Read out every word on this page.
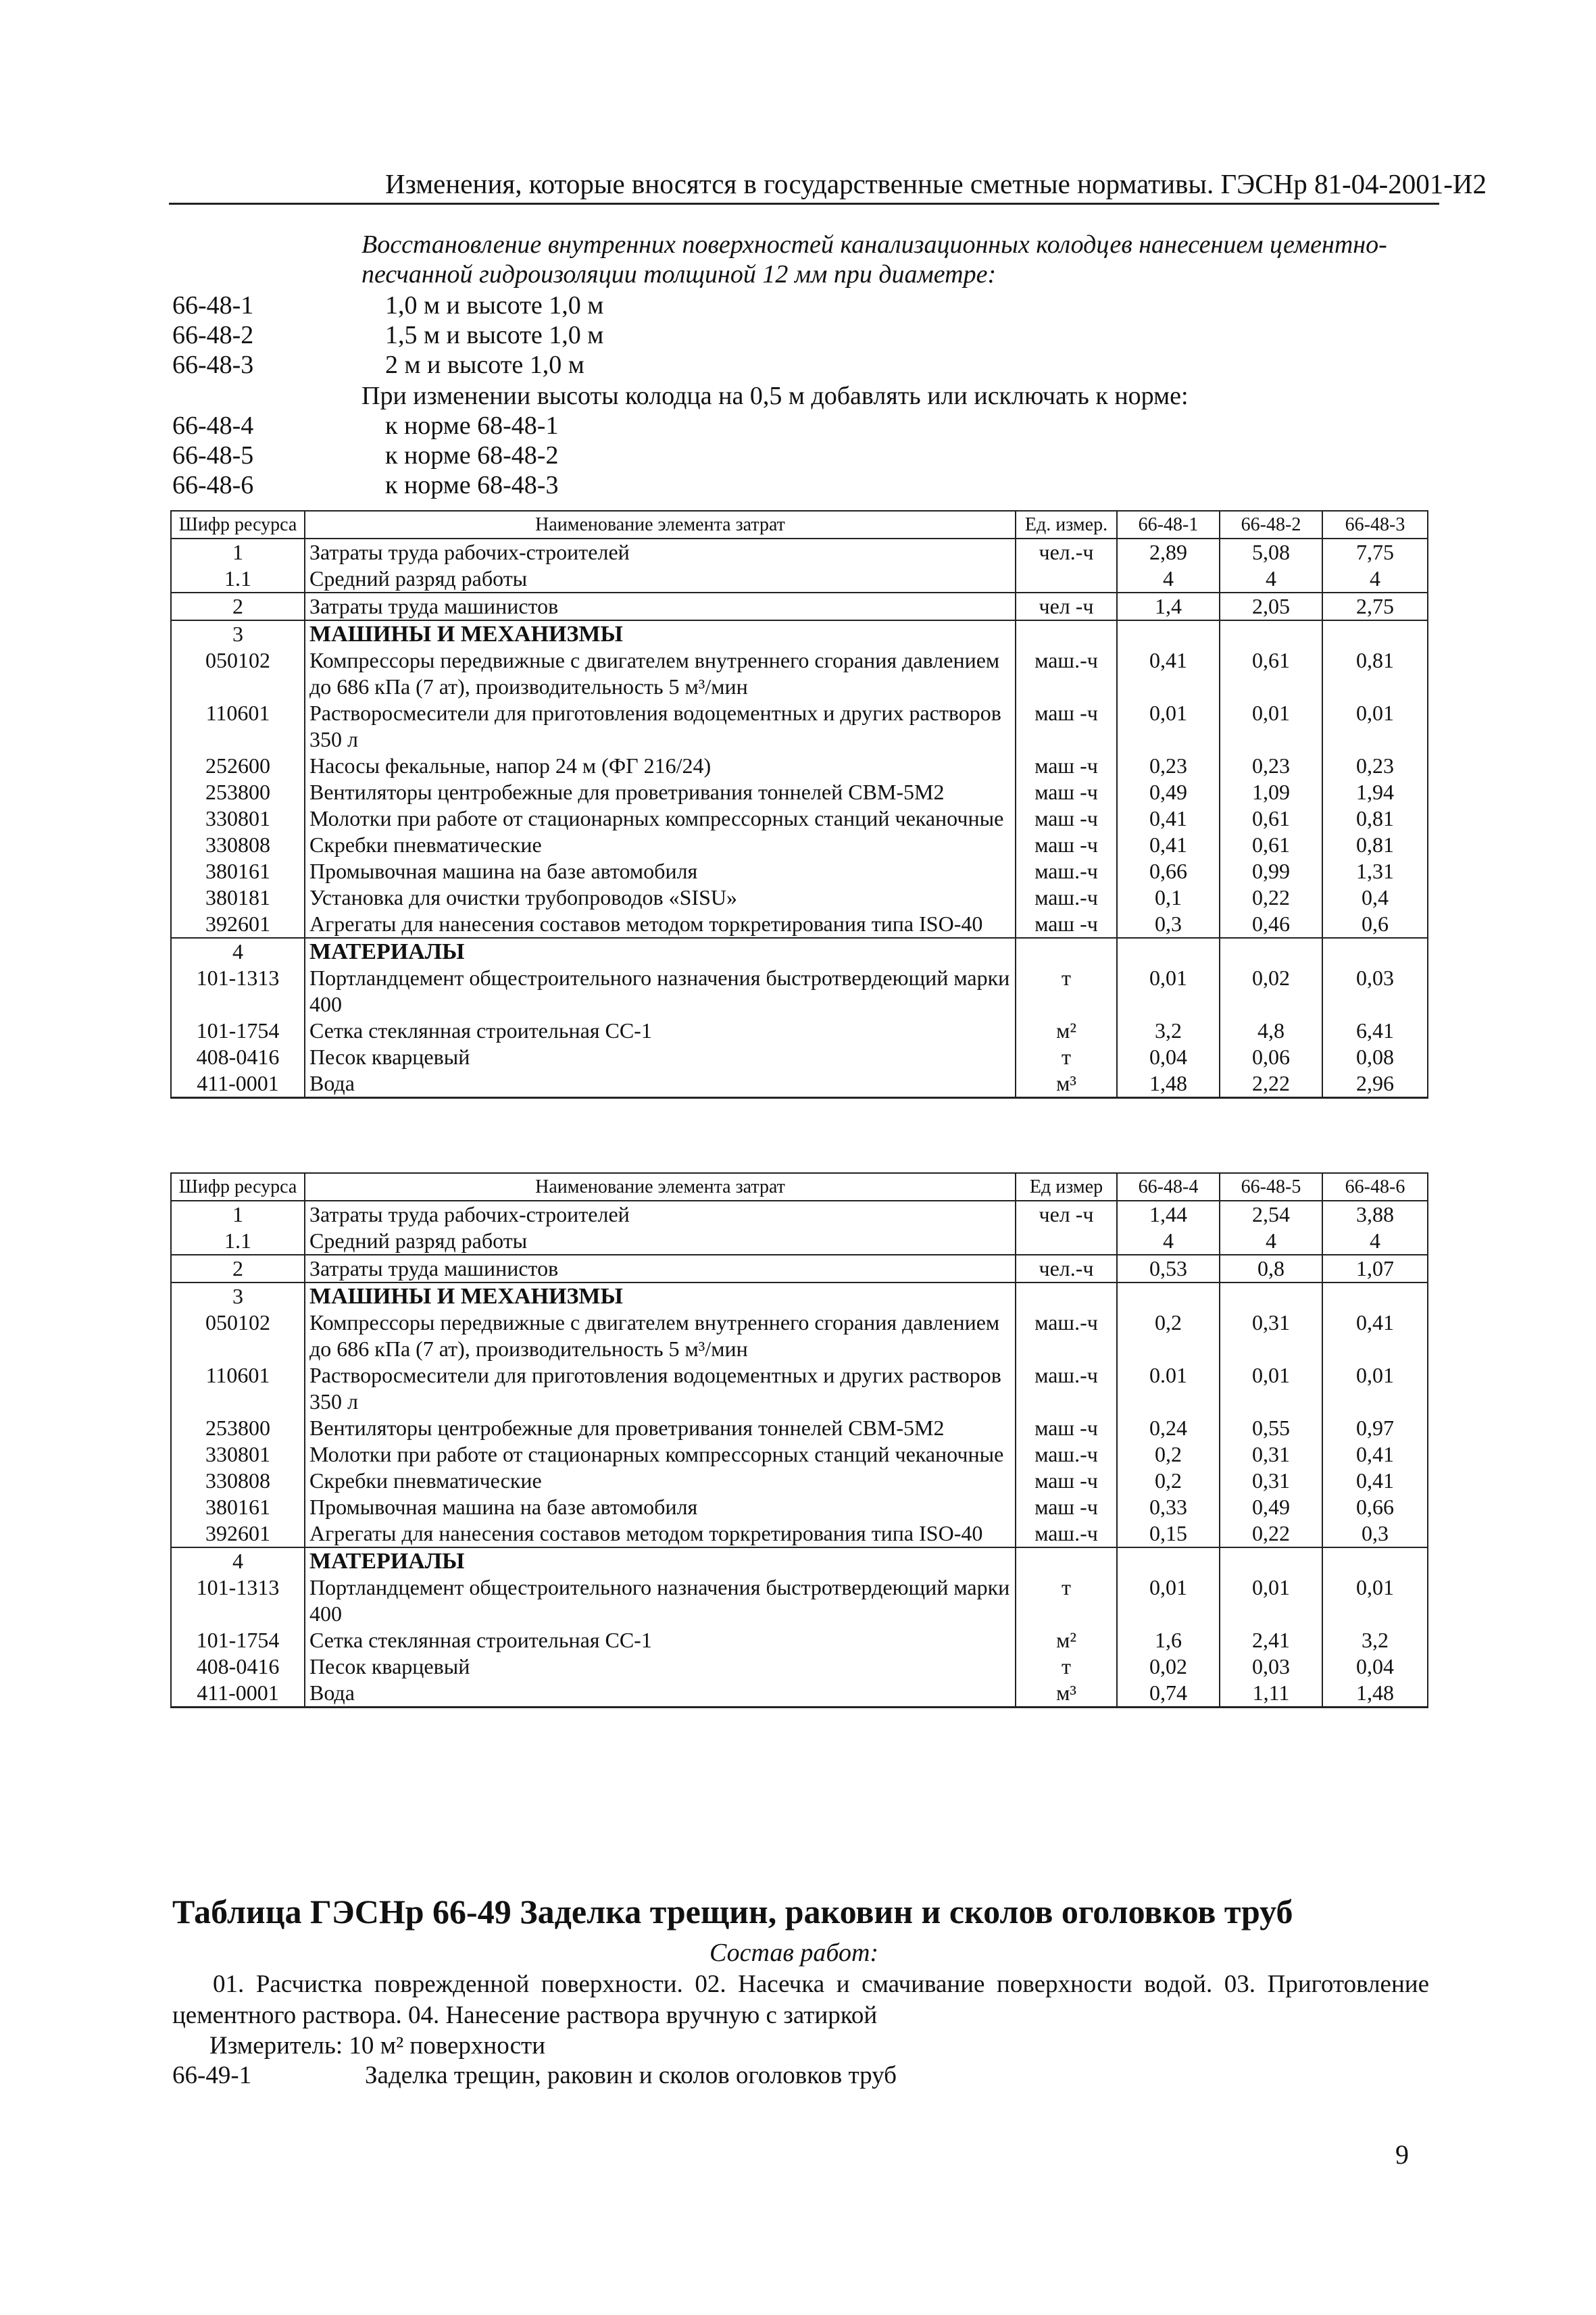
Изменения, которые вносятся в государственные сметные нормативы. ГЭСНр 81-04-2001-И2
Восстановление внутренних поверхностей канализационных колодцев нанесением цементно-песчанной гидроизоляции толщиной 12 мм при диаметре:
66-48-1	1,0 м и высоте 1,0 м
66-48-2	1,5 м и высоте 1,0 м
66-48-3	2 м и высоте 1,0 м
При изменении высоты колодца на 0,5 м добавлять или исключать к норме:
66-48-4	к норме 68-48-1
66-48-5	к норме 68-48-2
66-48-6	к норме 68-48-3
Шифр ресурса	Наименование элемента затрат	Ед. измер.	66-48-1	66-48-2	66-48-3
1	Затраты труда рабочих-строителей	чел.-ч	2,89	5,08	7,75
1.1	Средний разряд работы		4	4	4
2	Затраты труда машинистов	чел -ч	1,4	2,05	2,75
3	МАШИНЫ И МЕХАНИЗМЫ				
050102	Компрессоры передвижные с двигателем внутреннего сгорания давлением до 686 кПа (7 ат), производительность 5 м³/мин	маш.-ч	0,41	0,61	0,81
110601	Растворосмесители для приготовления водоцементных и других растворов 350 л	маш -ч	0,01	0,01	0,01
252600	Насосы фекальные, напор 24 м (ФГ 216/24)	маш -ч	0,23	0,23	0,23
253800	Вентиляторы центробежные для проветривания тоннелей СВМ-5М2	маш -ч	0,49	1,09	1,94
330801	Молотки при работе от стационарных компрессорных станций чеканочные	маш -ч	0,41	0,61	0,81
330808	Скребки пневматические	маш -ч	0,41	0,61	0,81
380161	Промывочная машина на базе автомобиля	маш.-ч	0,66	0,99	1,31
380181	Установка для очистки трубопроводов «SISU»	маш.-ч	0,1	0,22	0,4
392601	Агрегаты для нанесения составов методом торкретирования типа ISO-40	маш -ч	0,3	0,46	0,6
4	МАТЕРИАЛЫ				
101-1313	Портландцемент общестроительного назначения быстротвердеющий марки 400	т	0,01	0,02	0,03
101-1754	Сетка стеклянная строительная СС-1	м²	3,2	4,8	6,41
408-0416	Песок кварцевый	т	0,04	0,06	0,08
411-0001	Вода	м³	1,48	2,22	2,96
Шифр ресурса	Наименование элемента затрат	Ед измер	66-48-4	66-48-5	66-48-6
1	Затраты труда рабочих-строителей	чел -ч	1,44	2,54	3,88
1.1	Средний разряд работы		4	4	4
2	Затраты труда машинистов	чел.-ч	0,53	0,8	1,07
3	МАШИНЫ И МЕХАНИЗМЫ				
050102	Компрессоры передвижные с двигателем внутреннего сгорания давлением до 686 кПа (7 ат), производительность 5 м³/мин	маш.-ч	0,2	0,31	0,41
110601	Растворосмесители для приготовления водоцементных и других растворов 350 л	маш.-ч	0.01	0,01	0,01
253800	Вентиляторы центробежные для проветривания тоннелей СВМ-5М2	маш -ч	0,24	0,55	0,97
330801	Молотки при работе от стационарных компрессорных станций чеканочные	маш.-ч	0,2	0,31	0,41
330808	Скребки пневматические	маш -ч	0,2	0,31	0,41
380161	Промывочная машина на базе автомобиля	маш -ч	0,33	0,49	0,66
392601	Агрегаты для нанесения составов методом торкретирования типа ISO-40	маш.-ч	0,15	0,22	0,3
4	МАТЕРИАЛЫ				
101-1313	Портландцемент общестроительного назначения быстротвердеющий марки 400	т	0,01	0,01	0,01
101-1754	Сетка стеклянная строительная СС-1	м²	1,6	2,41	3,2
408-0416	Песок кварцевый	т	0,02	0,03	0,04
411-0001	Вода	м³	0,74	1,11	1,48
Таблица ГЭСНр 66-49 Заделка трещин, раковин и сколов оголовков труб
Состав работ:
01. Расчистка поврежденной поверхности. 02. Насечка и смачивание поверхности водой. 03. Приготовление цементного раствора. 04. Нанесение раствора вручную с затиркой
Измеритель: 10 м² поверхности
66-49-1	Заделка трещин, раковин и сколов оголовков труб
9
